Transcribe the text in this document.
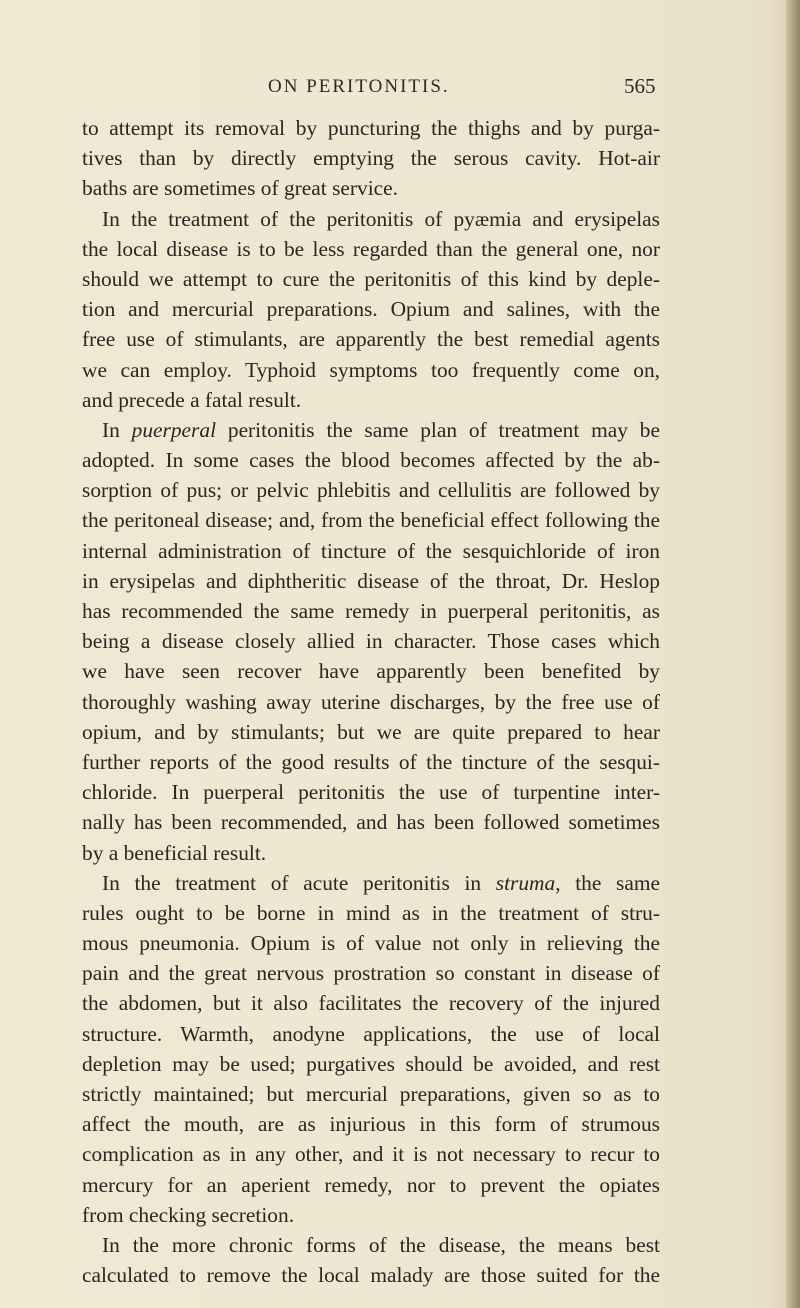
ON PERITONITIS.	565
to attempt its removal by puncturing the thighs and by purga-
tives than by directly emptying the serous cavity. Hot-air
baths are sometimes of great service.
In the treatment of the peritonitis of pyæmia and erysipelas
the local disease is to be less regarded than the general one, nor
should we attempt to cure the peritonitis of this kind by deple-
tion and mercurial preparations. Opium and salines, with the
free use of stimulants, are apparently the best remedial agents
we can employ. Typhoid symptoms too frequently come on,
and precede a fatal result.
In puerperal peritonitis the same plan of treatment may be
adopted. In some cases the blood becomes affected by the ab-
sorption of pus; or pelvic phlebitis and cellulitis are followed by
the peritoneal disease; and, from the beneficial effect following the
internal administration of tincture of the sesquichloride of iron
in erysipelas and diphtheritic disease of the throat, Dr. Heslop
has recommended the same remedy in puerperal peritonitis, as
being a disease closely allied in character. Those cases which
we have seen recover have apparently been benefited by
thoroughly washing away uterine discharges, by the free use of
opium, and by stimulants; but we are quite prepared to hear
further reports of the good results of the tincture of the sesqui-
chloride. In puerperal peritonitis the use of turpentine inter-
nally has been recommended, and has been followed sometimes
by a beneficial result.
In the treatment of acute peritonitis in struma, the same
rules ought to be borne in mind as in the treatment of stru-
mous pneumonia. Opium is of value not only in relieving the
pain and the great nervous prostration so constant in disease of
the abdomen, but it also facilitates the recovery of the injured
structure. Warmth, anodyne applications, the use of local
depletion may be used; purgatives should be avoided, and rest
strictly maintained; but mercurial preparations, given so as to
affect the mouth, are as injurious in this form of strumous
complication as in any other, and it is not necessary to recur to
mercury for an aperient remedy, nor to prevent the opiates
from checking secretion.
In the more chronic forms of the disease, the means best
calculated to remove the local malady are those suited for the
